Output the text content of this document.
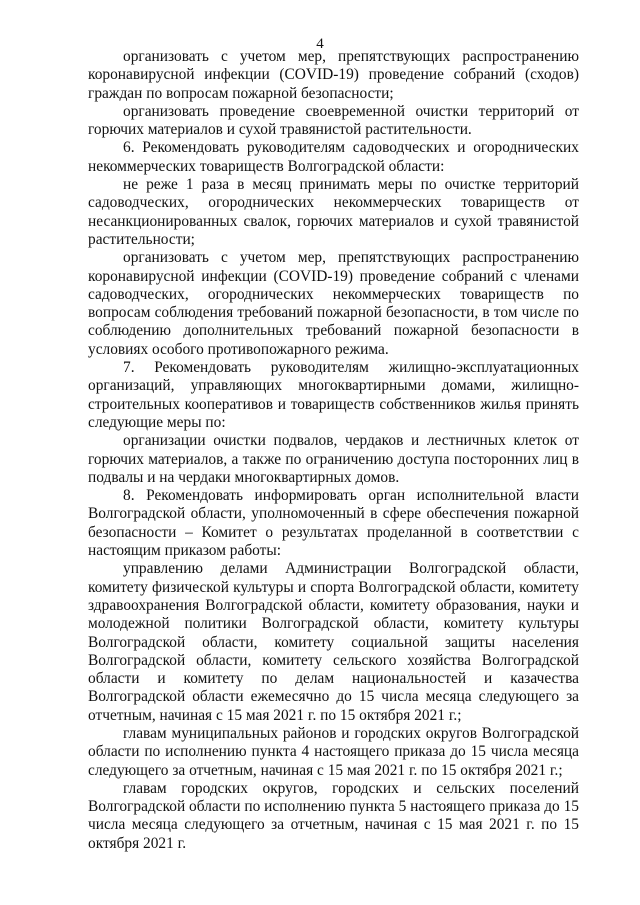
4

организовать с учетом мер, препятствующих распространению коронавирусной инфекции (COVID-19) проведение собраний (сходов) граждан по вопросам пожарной безопасности;

организовать проведение своевременной очистки территорий от горючих материалов и сухой травянистой растительности.

6. Рекомендовать руководителям садоводческих и огороднических некоммерческих товариществ Волгоградской области:

не реже 1 раза в месяц принимать меры по очистке территорий садоводческих, огороднических некоммерческих товариществ от несанкционированных свалок, горючих материалов и сухой травянистой растительности;

организовать с учетом мер, препятствующих распространению коронавирусной инфекции (COVID-19) проведение собраний с членами садоводческих, огороднических некоммерческих товариществ по вопросам соблюдения требований пожарной безопасности, в том числе по соблюдению дополнительных требований пожарной безопасности в условиях особого противопожарного режима.

7. Рекомендовать руководителям жилищно-эксплуатационных организаций, управляющих многоквартирными домами, жилищно-строительных кооперативов и товариществ собственников жилья принять следующие меры по:

организации очистки подвалов, чердаков и лестничных клеток от горючих материалов, а также по ограничению доступа посторонних лиц в подвалы и на чердаки многоквартирных домов.

8. Рекомендовать информировать орган исполнительной власти Волгоградской области, уполномоченный в сфере обеспечения пожарной безопасности – Комитет о результатах проделанной в соответствии с настоящим приказом работы:

управлению делами Администрации Волгоградской области, комитету физической культуры и спорта Волгоградской области, комитету здравоохранения Волгоградской области, комитету образования, науки и молодежной политики Волгоградской области, комитету культуры Волгоградской области, комитету социальной защиты населения Волгоградской области, комитету сельского хозяйства Волгоградской области и комитету по делам национальностей и казачества Волгоградской области ежемесячно до 15 числа месяца следующего за отчетным, начиная с 15 мая 2021 г. по 15 октября 2021 г.;

главам муниципальных районов и городских округов Волгоградской области по исполнению пункта 4 настоящего приказа до 15 числа месяца следующего за отчетным, начиная с 15 мая 2021 г. по 15 октября 2021 г.;

главам городских округов, городских и сельских поселений Волгоградской области по исполнению пункта 5 настоящего приказа до 15 числа месяца следующего за отчетным, начиная с 15 мая 2021 г. по 15 октября 2021 г.
